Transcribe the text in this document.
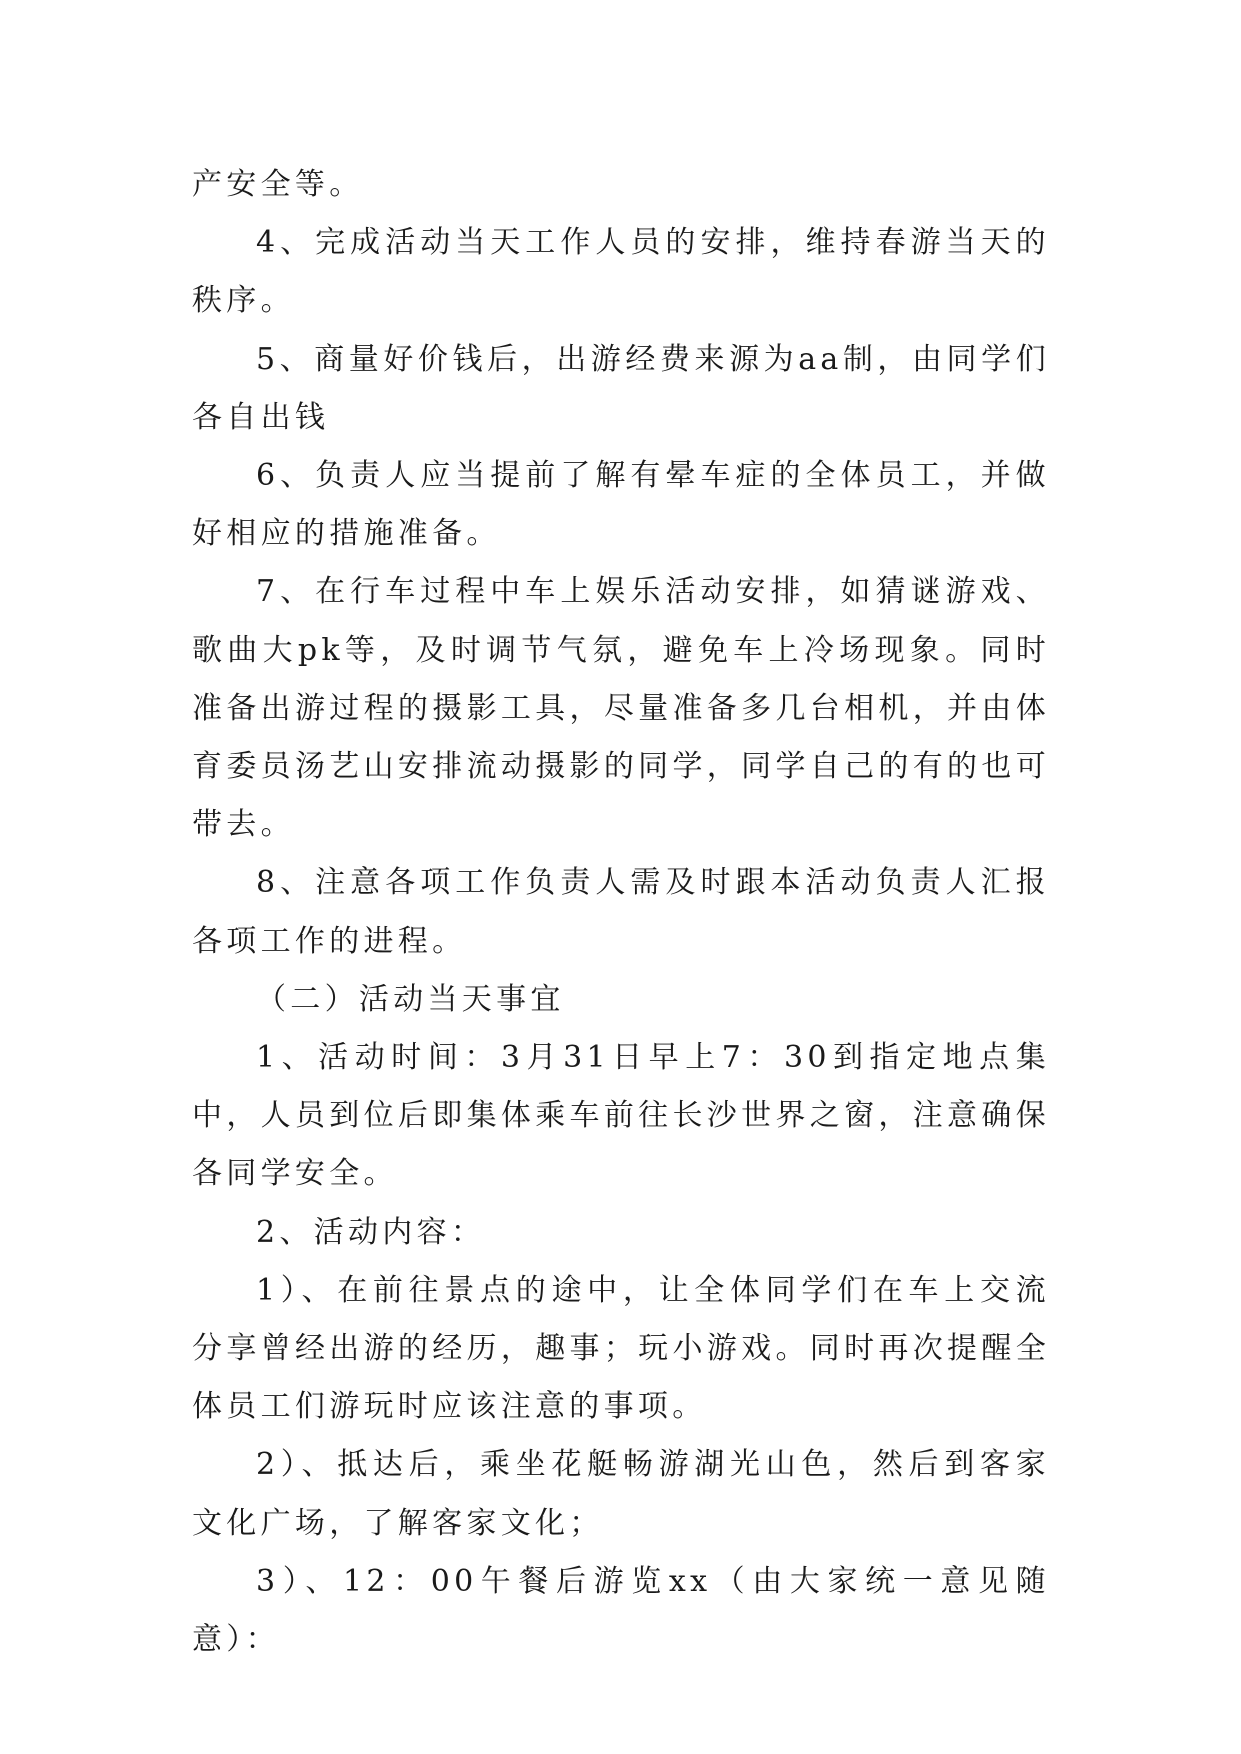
产安全等。

4、完成活动当天工作人员的安排，维持春游当天的秩序。

5、商量好价钱后，出游经费来源为aa制，由同学们各自出钱

6、负责人应当提前了解有晕车症的全体员工，并做好相应的措施准备。

7、在行车过程中车上娱乐活动安排，如猜谜游戏、歌曲大pk等，及时调节气氛，避免车上冷场现象。同时准备出游过程的摄影工具，尽量准备多几台相机，并由体育委员汤艺山安排流动摄影的同学，同学自己的有的也可带去。

8、注意各项工作负责人需及时跟本活动负责人汇报各项工作的进程。

（二）活动当天事宜

1、活动时间：3月31日早上7：30到指定地点集中，人员到位后即集体乘车前往长沙世界之窗，注意确保各同学安全。

2、活动内容：

1）、在前往景点的途中，让全体同学们在车上交流分享曾经出游的经历，趣事；玩小游戏。同时再次提醒全体员工们游玩时应该注意的事项。

2）、抵达后，乘坐花艇畅游湖光山色，然后到客家文化广场，了解客家文化；

3）、12：00午餐后游览xx（由大家统一意见随意）：
